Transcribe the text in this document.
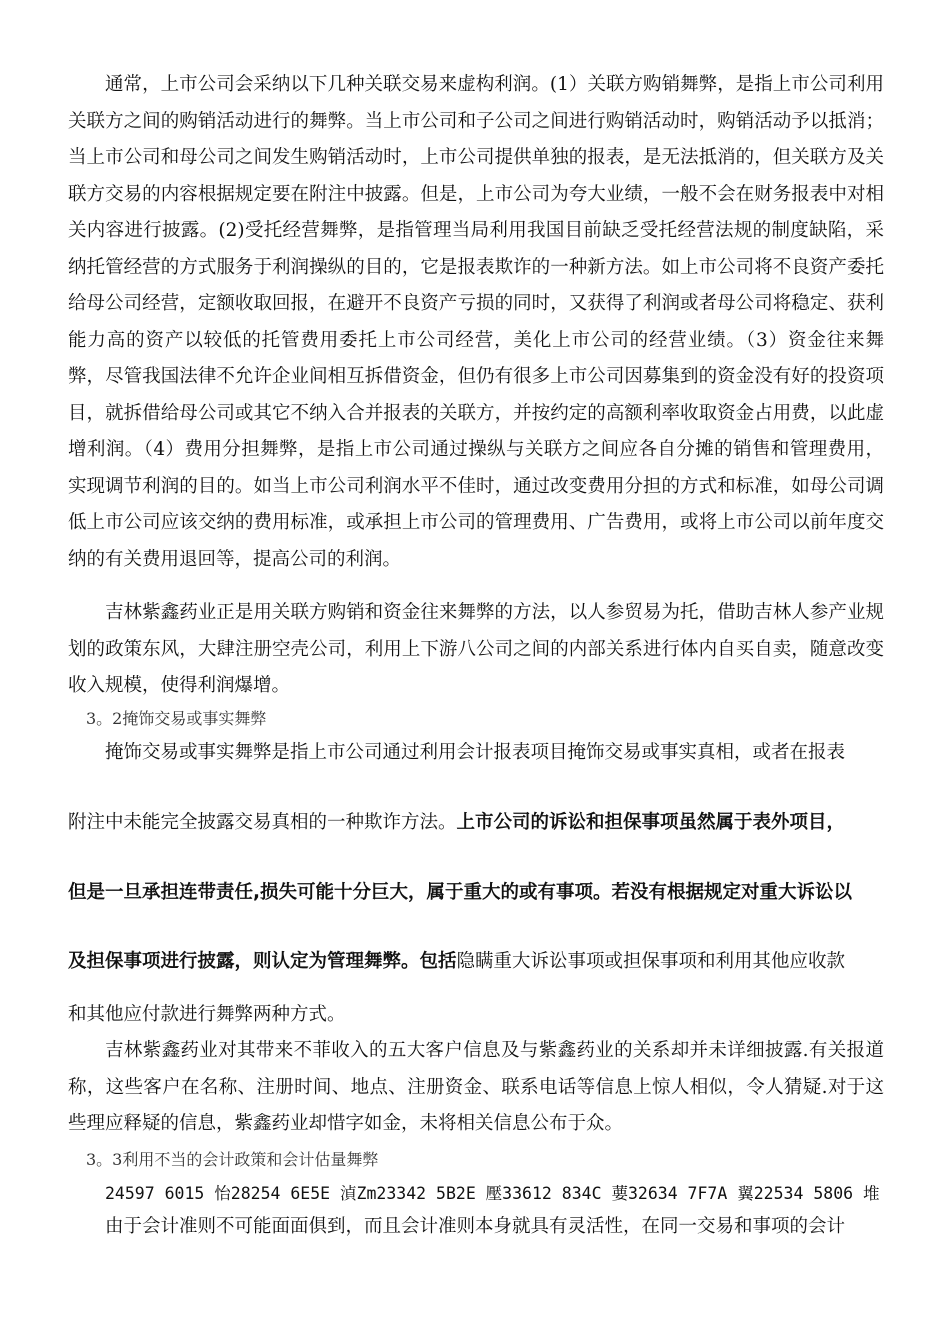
通常，上市公司会采纳以下几种关联交易来虚构利润。(1）关联方购销舞弊，是指上市公司利用关联方之间的购销活动进行的舞弊。当上市公司和子公司之间进行购销活动时，购销活动予以抵消；当上市公司和母公司之间发生购销活动时，上市公司提供单独的报表，是无法抵消的，但关联方及关联方交易的内容根据规定要在附注中披露。但是，上市公司为夸大业绩，一般不会在财务报表中对相关内容进行披露。(2)受托经营舞弊，是指管理当局利用我国目前缺乏受托经营法规的制度缺陷，采纳托管经营的方式服务于利润操纵的目的，它是报表欺诈的一种新方法。如上市公司将不良资产委托给母公司经营，定额收取回报，在避开不良资产亏损的同时，又获得了利润或者母公司将稳定、获利能力高的资产以较低的托管费用委托上市公司经营，美化上市公司的经营业绩。（3）资金往来舞弊，尽管我国法律不允许企业间相互拆借资金，但仍有很多上市公司因募集到的资金没有好的投资项目，就拆借给母公司或其它不纳入合并报表的关联方，并按约定的高额利率收取资金占用费，以此虚增利润。（4）费用分担舞弊，是指上市公司通过操纵与关联方之间应各自分摊的销售和管理费用，实现调节利润的目的。如当上市公司利润水平不佳时，通过改变费用分担的方式和标准，如母公司调低上市公司应该交纳的费用标准，或承担上市公司的管理费用、广告费用，或将上市公司以前年度交纳的有关费用退回等，提高公司的利润。

吉林紫鑫药业正是用关联方购销和资金往来舞弊的方法，以人参贸易为托，借助吉林人参产业规划的政策东风，大肆注册空壳公司，利用上下游八公司之间的内部关系进行体内自买自卖，随意改变收入规模，使得利润爆增。

3。2掩饰交易或事实舞弊

掩饰交易或事实舞弊是指上市公司通过利用会计报表项目掩饰交易或事实真相，或者在报表

附注中未能完全披露交易真相的一种欺诈方法。上市公司的诉讼和担保事项虽然属于表外项目，

但是一旦承担连带责任,损失可能十分巨大，属于重大的或有事项。若没有根据规定对重大诉讼以

及担保事项进行披露，则认定为管理舞弊。包括隐瞒重大诉讼事项或担保事项和利用其他应收款

和其他应付款进行舞弊两种方式。

吉林紫鑫药业对其带来不菲收入的五大客户信息及与紫鑫药业的关系却并未详细披露.有关报道称，这些客户在名称、注册时间、地点、注册资金、联系电话等信息上惊人相似，令人猜疑.对于这些理应释疑的信息，紫鑫药业却惜字如金，未将相关信息公布于众。

3。3利用不当的会计政策和会计估量舞弊

24597 6015 怡28254 6E5E 湞Zm23342 5B2E 壓33612 834C 葽32634 7F7A 翼22534 5806 堆

由于会计准则不可能面面俱到，而且会计准则本身就具有灵活性，在同一交易和事项的会计
